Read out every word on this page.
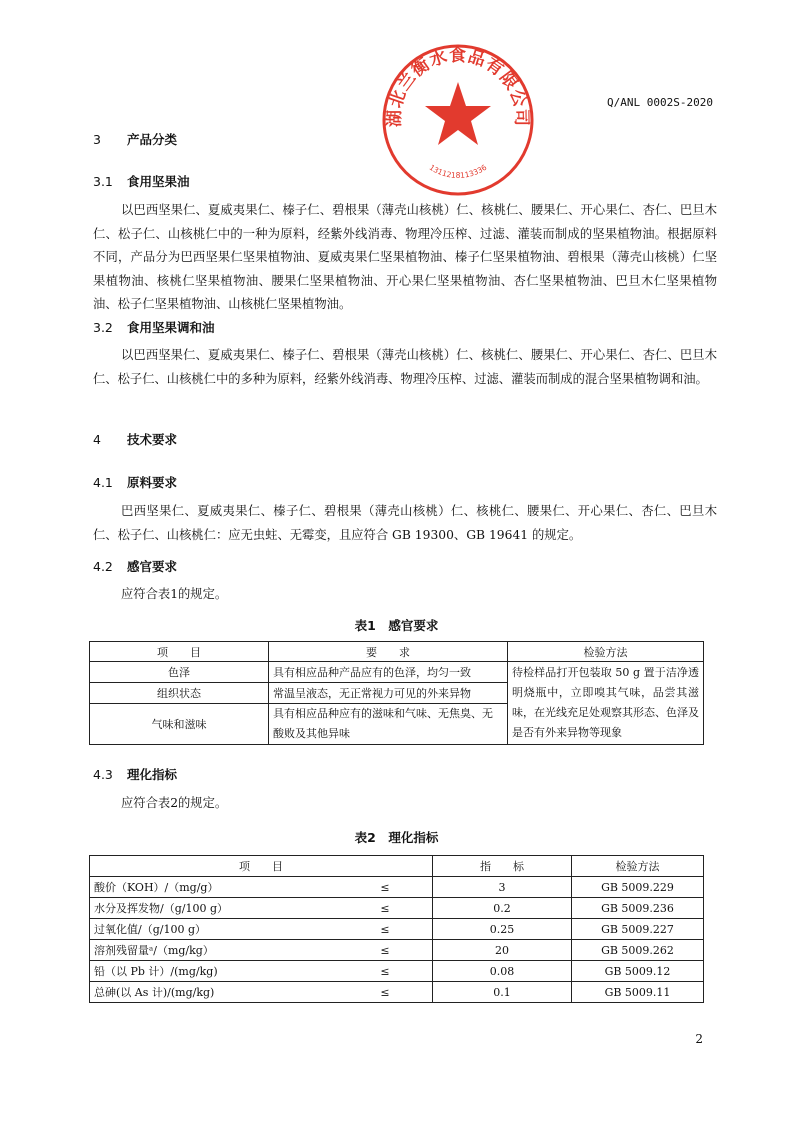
Q/ANL 0002S-2020
湖北兰衡水食品有限公司
1311218113336
3 产品分类
3.1 食用坚果油

以巴西坚果仁、夏威夷果仁、榛子仁、碧根果（薄壳山核桃）仁、核桃仁、腰果仁、开心果仁、杏仁、巴旦木仁、松子仁、山核桃仁中的一种为原料，经紫外线消毒、物理冷压榨、过滤、灌装而制成的坚果植物油。根据原料不同，产品分为巴西坚果仁坚果植物油、夏威夷果仁坚果植物油、榛子仁坚果植物油、碧根果（薄壳山核桃）仁坚果植物油、核桃仁坚果植物油、腰果仁坚果植物油、开心果仁坚果植物油、杏仁坚果植物油、巴旦木仁坚果植物油、松子仁坚果植物油、山核桃仁坚果植物油。

3.2 食用坚果调和油

以巴西坚果仁、夏威夷果仁、榛子仁、碧根果（薄壳山核桃）仁、核桃仁、腰果仁、开心果仁、杏仁、巴旦木仁、松子仁、山核桃仁中的多种为原料，经紫外线消毒、物理冷压榨、过滤、灌装而制成的混合坚果植物调和油。

4 技术要求
4.1 原料要求

巴西坚果仁、夏威夷果仁、榛子仁、碧根果（薄壳山核桃）仁、核桃仁、腰果仁、开心果仁、杏仁、巴旦木仁、松子仁、山核桃仁：应无虫蛀、无霉变，且应符合 GB 19300、GB 19641 的规定。

4.2 感官要求

应符合表1的规定。

表1　感官要求
项　　目	要　　求	检验方法
色泽	具有相应品种产品应有的色泽，均匀一致	待检样品打开包装取 50 g 置于洁净透明烧瓶中，立即嗅其气味，品尝其滋味，在光线充足处观察其形态、色泽及是否有外来异物等现象
组织状态	常温呈液态，无正常视力可见的外来异物	
气味和滋味	具有相应品种应有的滋味和气味、无焦臭、无酸败及其他异味	
4.3 理化指标

应符合表2的规定。

表2　理化指标
项　　目		指　　标	检验方法
酸价（KOH）/（mg/g）	≤	3	GB 5009.229
水分及挥发物/（g/100 g）	≤	0.2	GB 5009.236
过氧化值/（g/100 g）	≤	0.25	GB 5009.227
溶剂残留量ᵃ/（mg/kg）	≤	20	GB 5009.262
铅（以 Pb 计）/(mg/kg)	≤	0.08	GB 5009.12
总砷(以 As 计)/(mg/kg)	≤	0.1	GB 5009.11
2
